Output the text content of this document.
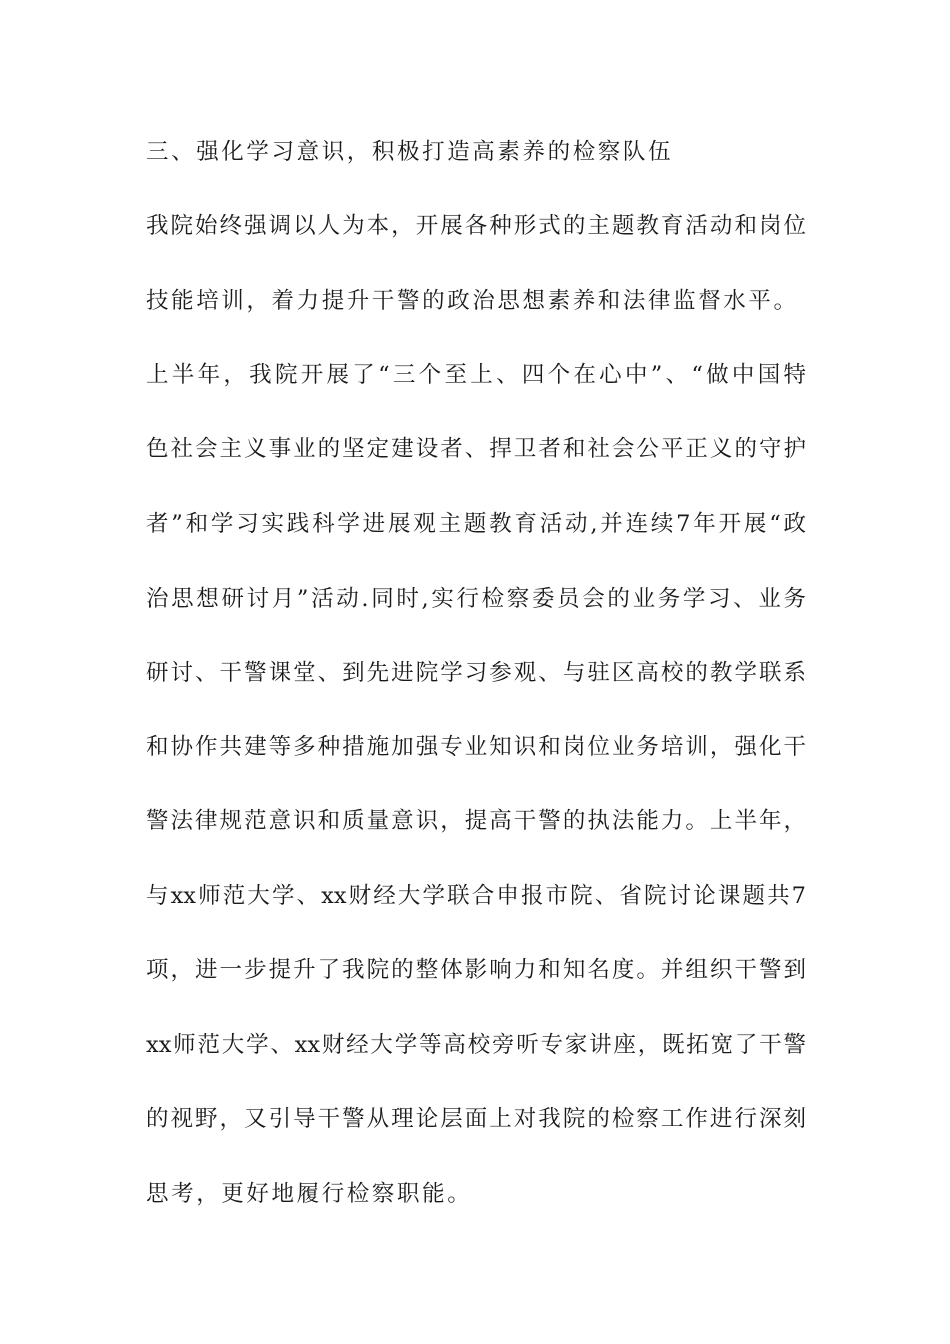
三、强化学习意识，积极打造高素养的检察队伍
我院始终强调以人为本，开展各种形式的主题教育活动和岗位
技能培训，着力提升干警的政治思想素养和法律监督水平。
上半年，我院开展了“三个至上、四个在心中”、“做中国特
色社会主义事业的坚定建设者、捍卫者和社会公平正义的守护
者”和学习实践科学进展观主题教育活动,并连续7年开展“政
治思想研讨月”活动.同时,实行检察委员会的业务学习、业务
研讨、干警课堂、到先进院学习参观、与驻区高校的教学联系
和协作共建等多种措施加强专业知识和岗位业务培训，强化干
警法律规范意识和质量意识，提高干警的执法能力。上半年，
与xx师范大学、xx财经大学联合申报市院、省院讨论课题共7
项，进一步提升了我院的整体影响力和知名度。并组织干警到
xx师范大学、xx财经大学等高校旁听专家讲座，既拓宽了干警
的视野，又引导干警从理论层面上对我院的检察工作进行深刻
思考，更好地履行检察职能。
